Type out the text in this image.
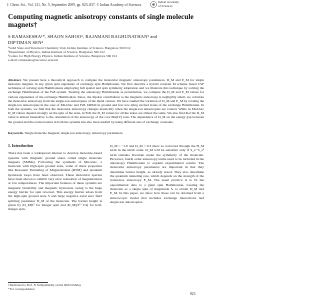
J. Chem. Sci., Vol. 121, No. 5, September 2009, pp. 823–837. © Indian Academy of Sciences.
Indian Academy
of Sciences
Computing magnetic anisotropy constants of single molecule
magnets†
S RAMASESHA¹*, SHAON SAHOO², RAJAMANI RAGHUNATHAN³ and
DIPTIMAN SEN⁴
¹Solid State and Structural Chemistry Unit, Indian Institute of Science, Bangalore 560 012
²Department of Physics, Indian Institute of Science, Bangalore 560 012
³Centre for High Energy Physics, Indian Institute of Science, Bangalore 560 012
e-mail: ramasesha@sscu.iisc.ernet.in
Abstract. We present here a theoretical approach to compute the molecular magnetic anisotropy parameters, D_M and E_M for single molecule magnets in any given spin eigenstate of exchange spin Hamiltonian. We first describe a hybrid constant M scheme based CSF technique of solving spin Hamiltonians employing full spatial and spin symmetry adaptation and we illustrate this technique by solving the exchange Hamiltonian of the Fe8 system. Treating the anisotropy Hamiltonian as perturbation, we compute the D_M and E_M values for various eigenstates of the exchange Hamiltonian. Since, the dipolar contribution to the magnetic anisotropy is negligibly small, we calculate the molecular anisotropy from the single-ion anisotropies of the metal centres. We have studied the variation of D_M and E_M by rotating the single-ion anisotropies in the case of Mn12Ac and Fe8. Dd8d4 in ground and few low-lying excited states of the exchange Hamiltonian. In both the systems, we find that the molecular anisotropy changes drastically when the single-ion anisotropies are rotated. While in Mn12Ac D_M values depend strongly on the spin of the state, in Fe8, the D_M values for all the states are almost the same. We also find that the D_M value is almost insensitive to the orientation of the anisotropy of the core Mn(IV) ions. The dependence of D_M on the energy gap between the ground and the excited states in both the systems has also been studied by using different sets of exchange constants.
Keywords. Single molecule magnets; single-ion anisotropy; anisotropy parameters.
1. Introduction
There has been a widespread interest to develop molecule-based systems with magnetic ground states called single molecule magnets (SMMs). Following the synthesis of Mn12Ac, a molecule with high-spin ground state, some of these properties like Resonant Tunneling of Magnetization (RTM) and quantum hysteresis loops have been observed. These molecular species have been shown to exhibit very slow relaxation of magnetization at low temperatures. The important features of these systems are magnetic bistability and magnetic hysteresis owing to the huge energy barrier for spin reversal. This energy barrier arises from the high-spin ground state S and large negative axial zero field splitting parameter D_M of the molecule. The barrier height is given by |D_M|S² for integer spin and |D_M|(S²−1/4) for half-integer spin.
D_M ~ −1.0 and D_M ~ 0.3 show as corrected through the H_M term in the ninth order. D_M will be sensitive only if S_z−S_z² term remains invariant under the symmetry of the molecule. However, fourth order anisotropy terms need to be included in the anisotropy Hamiltonian to explain experimental results. The molecular anisotropy parameters are important in that they determine barrier height, as already noted. They also determine the quantum tunneling rate, which depends on the strength of the transverse anisotropy E_M. The usual practice is to fit the experimental data to a giant spin Hamiltonian, treating the molecule as a single spin of magnitude S, to obtain D_M and E_M. In this paper, we show how these can be obtained from a microscopic model that includes exchange interactions and single-ion anisotropies.
†Dedicated to Prof. N Sathyamurthy on his 60th birthday
*For correspondence
823
